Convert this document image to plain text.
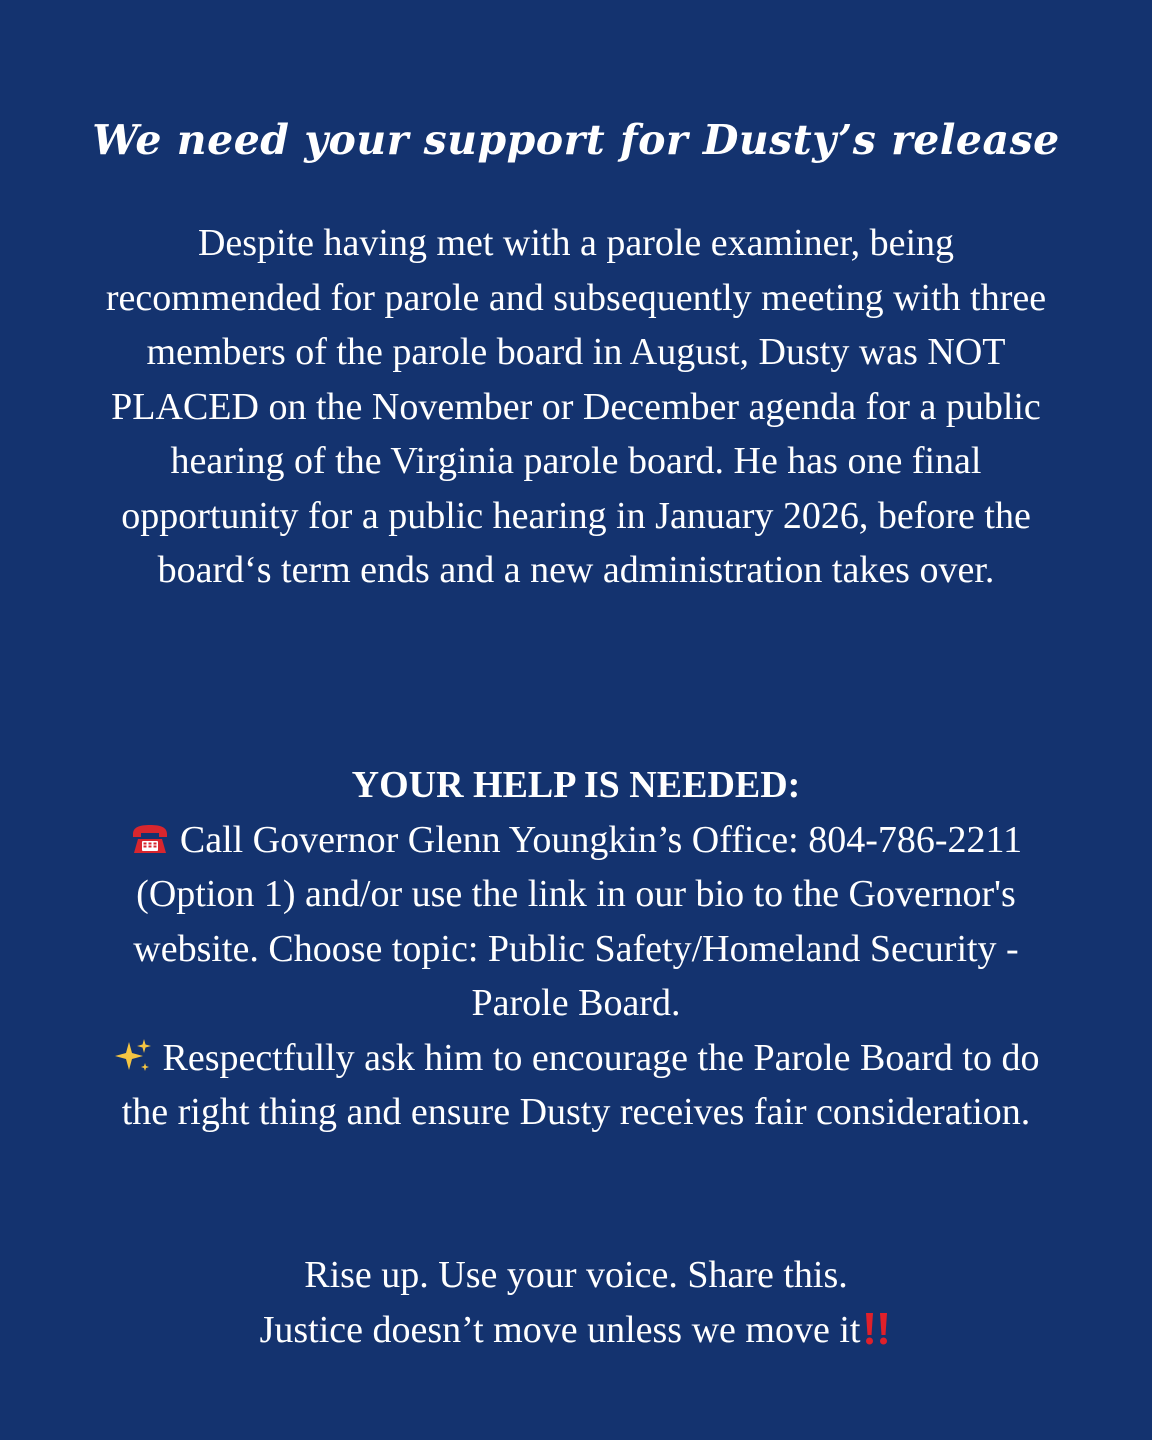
We need your support for Dusty’s release

Despite having met with a parole examiner, being recommended for parole and subsequently meeting with three members of the parole board in August, Dusty was NOT PLACED on the November or December agenda for a public hearing of the Virginia parole board. He has one final opportunity for a public hearing in January 2026, before the board‘s term ends and a new administration takes over.

YOUR HELP IS NEEDED:
Call Governor Glenn Youngkin’s Office: 804-786-2211 (Option 1) and/or use the link in our bio to the Governor's website. Choose topic: Public Safety/Homeland Security - Parole Board.
Respectfully ask him to encourage the Parole Board to do the right thing and ensure Dusty receives fair consideration.
Rise up. Use your voice. Share this.
Justice doesn’t move unless we move it
